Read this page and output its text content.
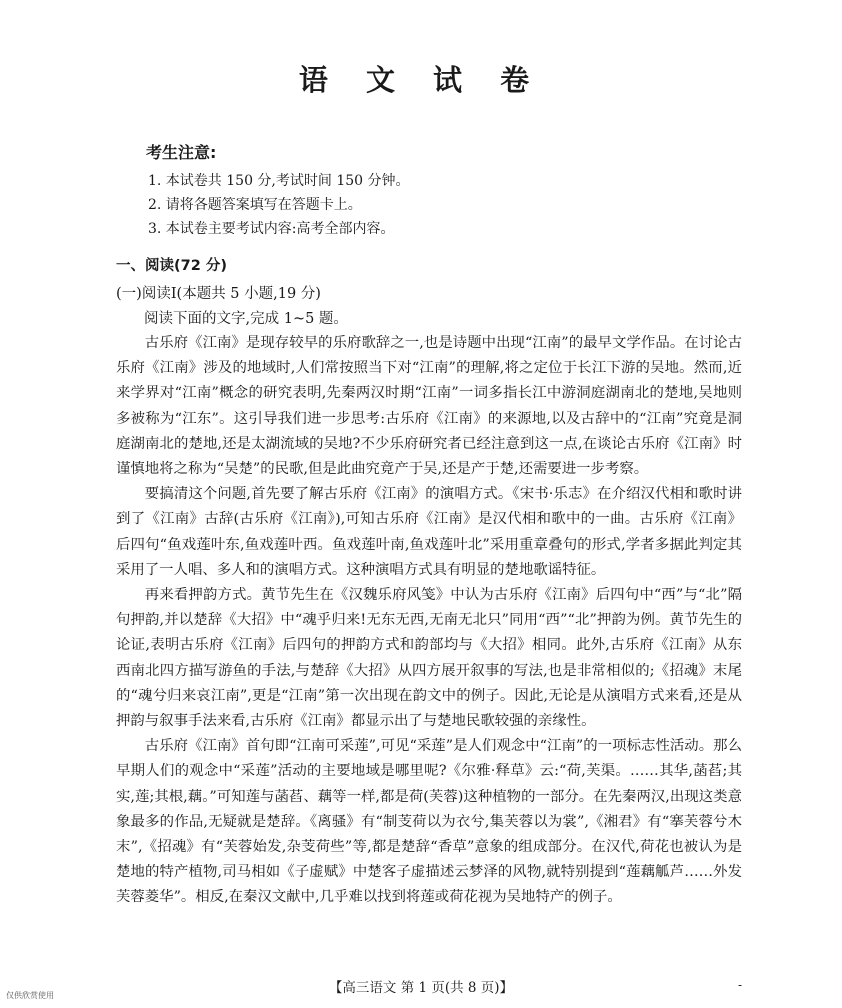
语 文 试 卷
考生注意:
1. 本试卷共 150 分,考试时间 150 分钟。
2. 请将各题答案填写在答题卡上。
3. 本试卷主要考试内容:高考全部内容。
一、阅读(72 分)
(一)阅读Ⅰ(本题共 5 小题,19 分)
阅读下面的文字,完成 1~5 题。

古乐府《江南》是现存较早的乐府歌辞之一,也是诗题中出现“江南”的最早文学作品。在讨论古乐府《江南》涉及的地域时,人们常按照当下对“江南”的理解,将之定位于长江下游的吴地。然而,近来学界对“江南”概念的研究表明,先秦两汉时期“江南”一词多指长江中游洞庭湖南北的楚地,吴地则多被称为“江东”。这引导我们进一步思考:古乐府《江南》的来源地,以及古辞中的“江南”究竟是洞庭湖南北的楚地,还是太湖流域的吴地?不少乐府研究者已经注意到这一点,在谈论古乐府《江南》时谨慎地将之称为“吴楚”的民歌,但是此曲究竟产于吴,还是产于楚,还需要进一步考察。

要搞清这个问题,首先要了解古乐府《江南》的演唱方式。《宋书·乐志》在介绍汉代相和歌时讲到了《江南》古辞(古乐府《江南》),可知古乐府《江南》是汉代相和歌中的一曲。古乐府《江南》后四句“鱼戏莲叶东,鱼戏莲叶西。鱼戏莲叶南,鱼戏莲叶北”采用重章叠句的形式,学者多据此判定其采用了一人唱、多人和的演唱方式。这种演唱方式具有明显的楚地歌谣特征。

再来看押韵方式。黄节先生在《汉魏乐府风笺》中认为古乐府《江南》后四句中“西”与“北”隔句押韵,并以楚辞《大招》中“魂乎归来!无东无西,无南无北只”同用“西”“北”押韵为例。黄节先生的论证,表明古乐府《江南》后四句的押韵方式和韵部均与《大招》相同。此外,古乐府《江南》从东西南北四方描写游鱼的手法,与楚辞《大招》从四方展开叙事的写法,也是非常相似的;《招魂》末尾的“魂兮归来哀江南”,更是“江南”第一次出现在韵文中的例子。因此,无论是从演唱方式来看,还是从押韵与叙事手法来看,古乐府《江南》都显示出了与楚地民歌较强的亲缘性。

古乐府《江南》首句即“江南可采莲”,可见“采莲”是人们观念中“江南”的一项标志性活动。那么早期人们的观念中“采莲”活动的主要地域是哪里呢?《尔雅·释草》云:“荷,芙渠。……其华,菡萏;其实,莲;其根,藕。”可知莲与菡萏、藕等一样,都是荷(芙蓉)这种植物的一部分。在先秦两汉,出现这类意象最多的作品,无疑就是楚辞。《离骚》有“制芰荷以为衣兮,集芙蓉以为裳”,《湘君》有“搴芙蓉兮木末”,《招魂》有“芙蓉始发,杂芰荷些”等,都是楚辞“香草”意象的组成部分。在汉代,荷花也被认为是楚地的特产植物,司马相如《子虚赋》中楚客子虚描述云梦泽的风物,就特别提到“莲藕觚芦……外发芙蓉菱华”。相反,在秦汉文献中,几乎难以找到将莲或荷花视为吴地特产的例子。

仅供欣赏使用	【高三语文 第 1 页(共 8 页)】	-
